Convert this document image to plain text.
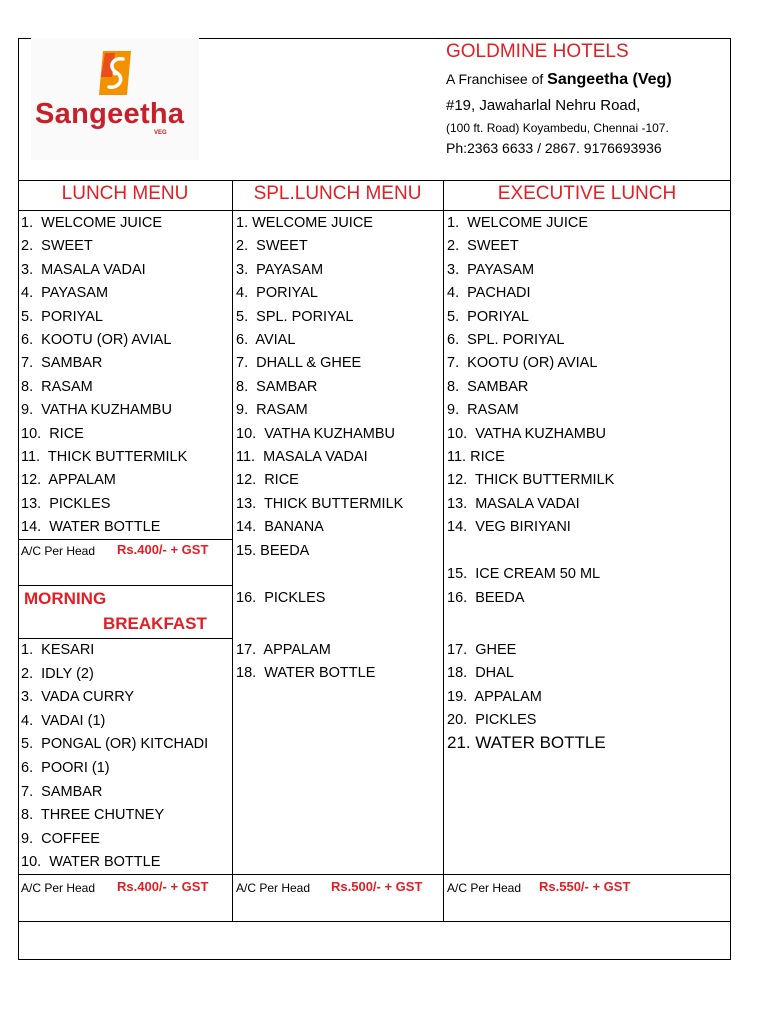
Sangeetha
VEG
GOLDMINE HOTELS
A Franchisee of Sangeetha (Veg)
#19, Jawaharlal Nehru Road,
(100 ft. Road) Koyambedu, Chennai -107.
Ph:2363 6633 / 2867. 9176693936
LUNCH MENU	SPL.LUNCH MENU	EXECUTIVE LUNCH
1.  WELCOME JUICE
2.  SWEET
3.  MASALA VADAI
4.  PAYASAM
5.  PORIYAL
6.  KOOTU (OR) AVIAL
7.  SAMBAR
8.  RASAM
9.  VATHA KUZHAMBU
10.  RICE
11.  THICK BUTTERMILK
12.  APPALAM
13.  PICKLES
14.  WATER BOTTLE
A/C Per Head Rs.400/- + GST
MORNING
BREAKFAST
1.  KESARI
2.  IDLY (2)
3.  VADA CURRY
4.  VADAI (1)
5.  PONGAL (OR) KITCHADI
6.  POORI (1)
7.  SAMBAR
8.  THREE CHUTNEY
9.  COFFEE
10.  WATER BOTTLE
A/C Per Head Rs.400/- + GST
1. WELCOME JUICE
2.  SWEET
3.  PAYASAM
4.  PORIYAL
5.  SPL. PORIYAL
6.  AVIAL
7.  DHALL & GHEE
8.  SAMBAR
9.  RASAM
10.  VATHA KUZHAMBU
11.  MASALA VADAI
12.  RICE
13.  THICK BUTTERMILK
14.  BANANA
15. BEEDA
16.  PICKLES
17.  APPALAM
18.  WATER BOTTLE
A/C Per Head Rs.500/- + GST
1.  WELCOME JUICE
2.  SWEET
3.  PAYASAM
4.  PACHADI
5.  PORIYAL
6.  SPL. PORIYAL
7.  KOOTU (OR) AVIAL
8.  SAMBAR
9.  RASAM
10.  VATHA KUZHAMBU
11. RICE
12.  THICK BUTTERMILK
13.  MASALA VADAI
14.  VEG BIRIYANI
15.  ICE CREAM 50 ML
16.  BEEDA
17.  GHEE
18.  DHAL
19.  APPALAM
20.  PICKLES
21. WATER BOTTLE
A/C Per Head Rs.550/- + GST
